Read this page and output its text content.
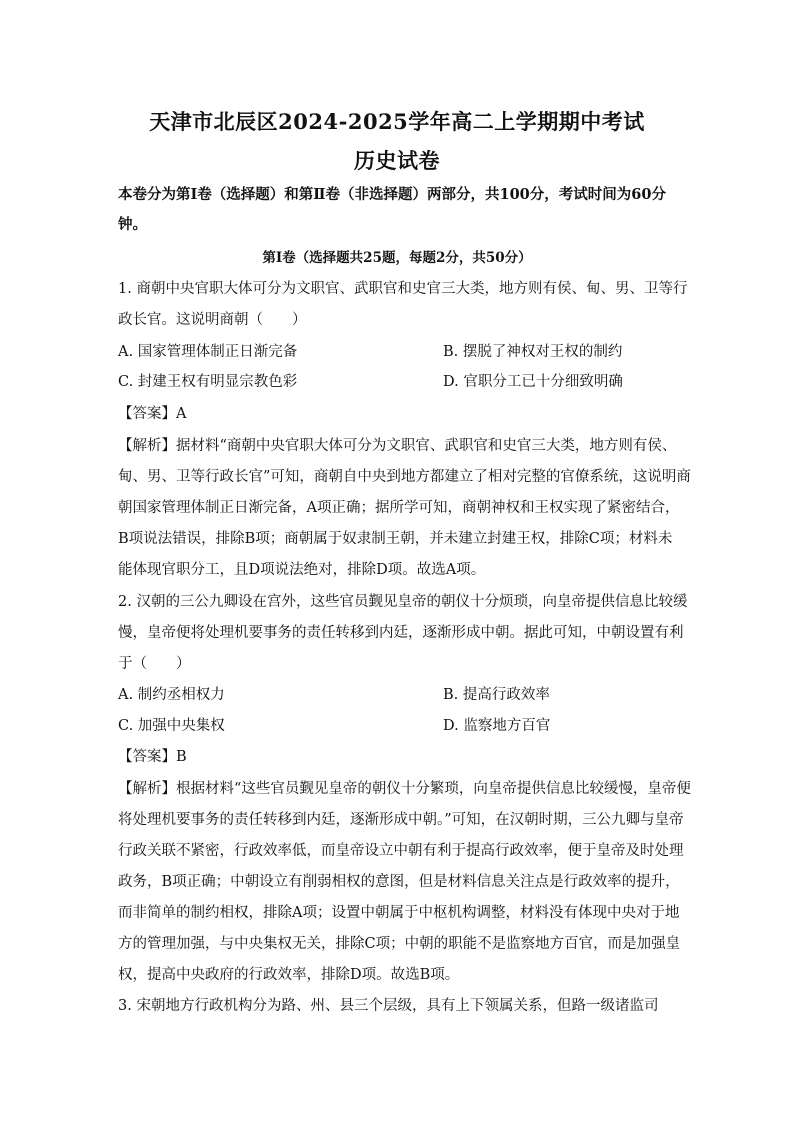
天津市北辰区2024-2025学年高二上学期期中考试
历史试卷
本卷分为第Ⅰ卷（选择题）和第Ⅱ卷（非选择题）两部分，共100分，考试时间为60分
钟。
第Ⅰ卷（选择题共25题，每题2分，共50分）
1. 商朝中央官职大体可分为文职官、武职官和史官三大类，地方则有侯、甸、男、卫等行
政长官。这说明商朝（　　）
A. 国家管理体制正日渐完备	B. 摆脱了神权对王权的制约
C. 封建王权有明显宗教色彩	D. 官职分工已十分细致明确
【答案】A
【解析】据材料“商朝中央官职大体可分为文职官、武职官和史官三大类，地方则有侯、
甸、男、卫等行政长官”可知，商朝自中央到地方都建立了相对完整的官僚系统，这说明商
朝国家管理体制正日渐完备，A项正确；据所学可知，商朝神权和王权实现了紧密结合，
B项说法错误，排除B项；商朝属于奴隶制王朝，并未建立封建王权，排除C项；材料未
能体现官职分工，且D项说法绝对，排除D项。故选A项。
2. 汉朝的三公九卿设在宫外，这些官员觐见皇帝的朝仪十分烦琐，向皇帝提供信息比较缓
慢，皇帝便将处理机要事务的责任转移到内廷，逐渐形成中朝。据此可知，中朝设置有利
于（　　）
A. 制约丞相权力	B. 提高行政效率
C. 加强中央集权	D. 监察地方百官
【答案】B
【解析】根据材料“这些官员觐见皇帝的朝仪十分繁琐，向皇帝提供信息比较缓慢，皇帝便
将处理机要事务的责任转移到内廷，逐渐形成中朝。”可知，在汉朝时期，三公九卿与皇帝
行政关联不紧密，行政效率低，而皇帝设立中朝有利于提高行政效率，便于皇帝及时处理
政务，B项正确；中朝设立有削弱相权的意图，但是材料信息关注点是行政效率的提升，
而非简单的制约相权，排除A项；设置中朝属于中枢机构调整，材料没有体现中央对于地
方的管理加强，与中央集权无关，排除C项；中朝的职能不是监察地方百官，而是加强皇
权，提高中央政府的行政效率，排除D项。故选B项。
3. 宋朝地方行政机构分为路、州、县三个层级，具有上下领属关系，但路一级诸监司
